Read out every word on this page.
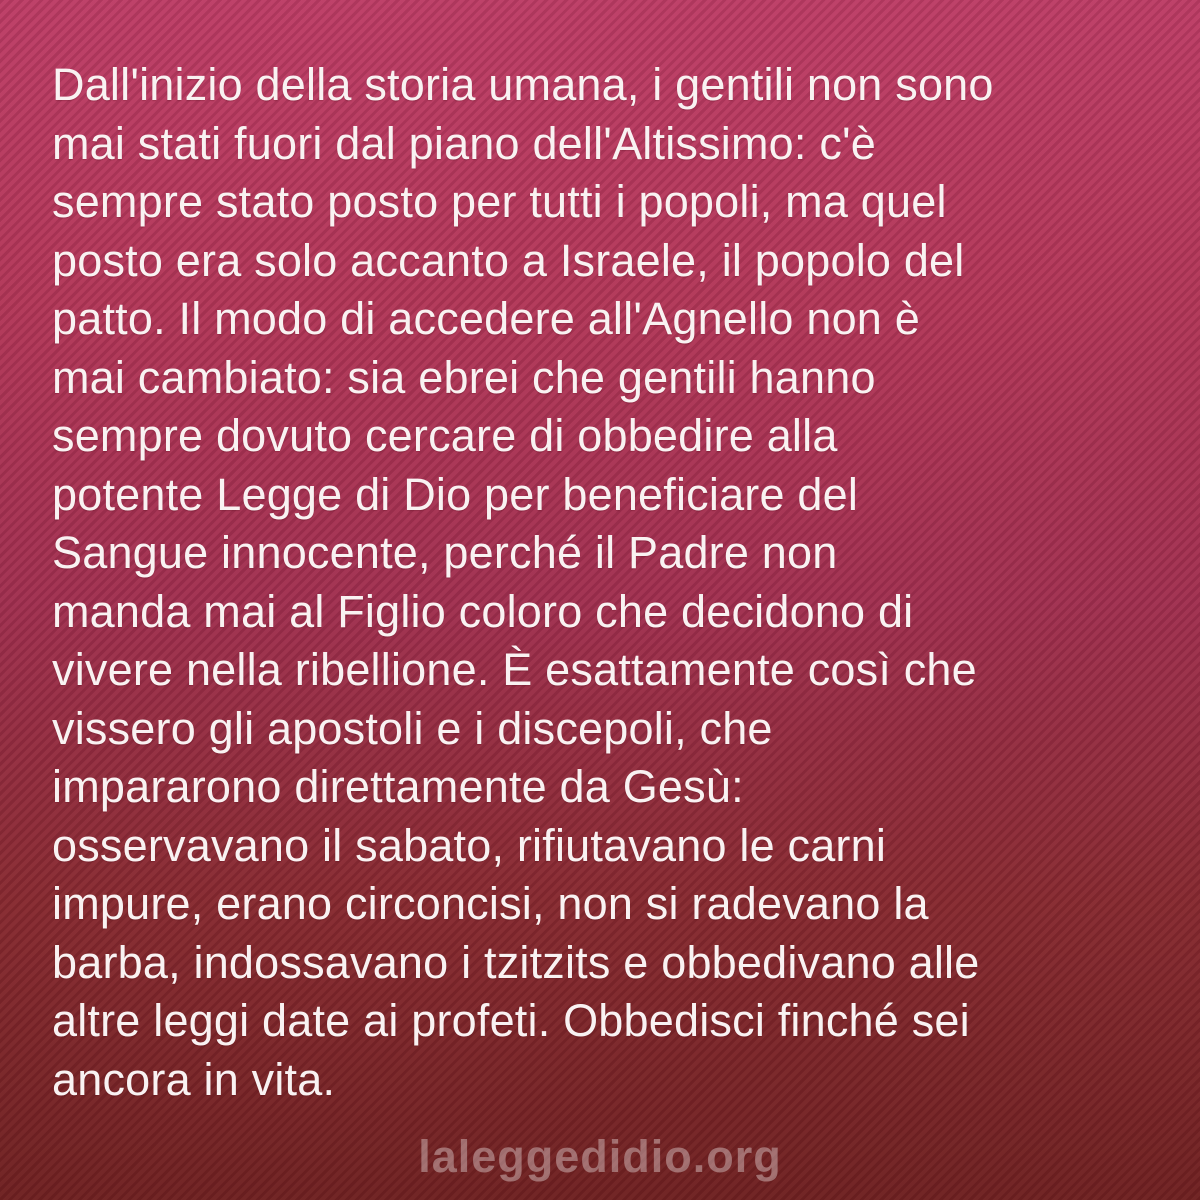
Dall'inizio della storia umana, i gentili non sono
mai stati fuori dal piano dell'Altissimo: c'è
sempre stato posto per tutti i popoli, ma quel
posto era solo accanto a Israele, il popolo del
patto. Il modo di accedere all'Agnello non è
mai cambiato: sia ebrei che gentili hanno
sempre dovuto cercare di obbedire alla
potente Legge di Dio per beneficiare del
Sangue innocente, perché il Padre non
manda mai al Figlio coloro che decidono di
vivere nella ribellione. È esattamente così che
vissero gli apostoli e i discepoli, che
impararono direttamente da Gesù:
osservavano il sabato, rifiutavano le carni
impure, erano circoncisi, non si radevano la
barba, indossavano i tzitzits e obbedivano alle
altre leggi date ai profeti. Obbedisci finché sei
ancora in vita.
laleggedidio.org
